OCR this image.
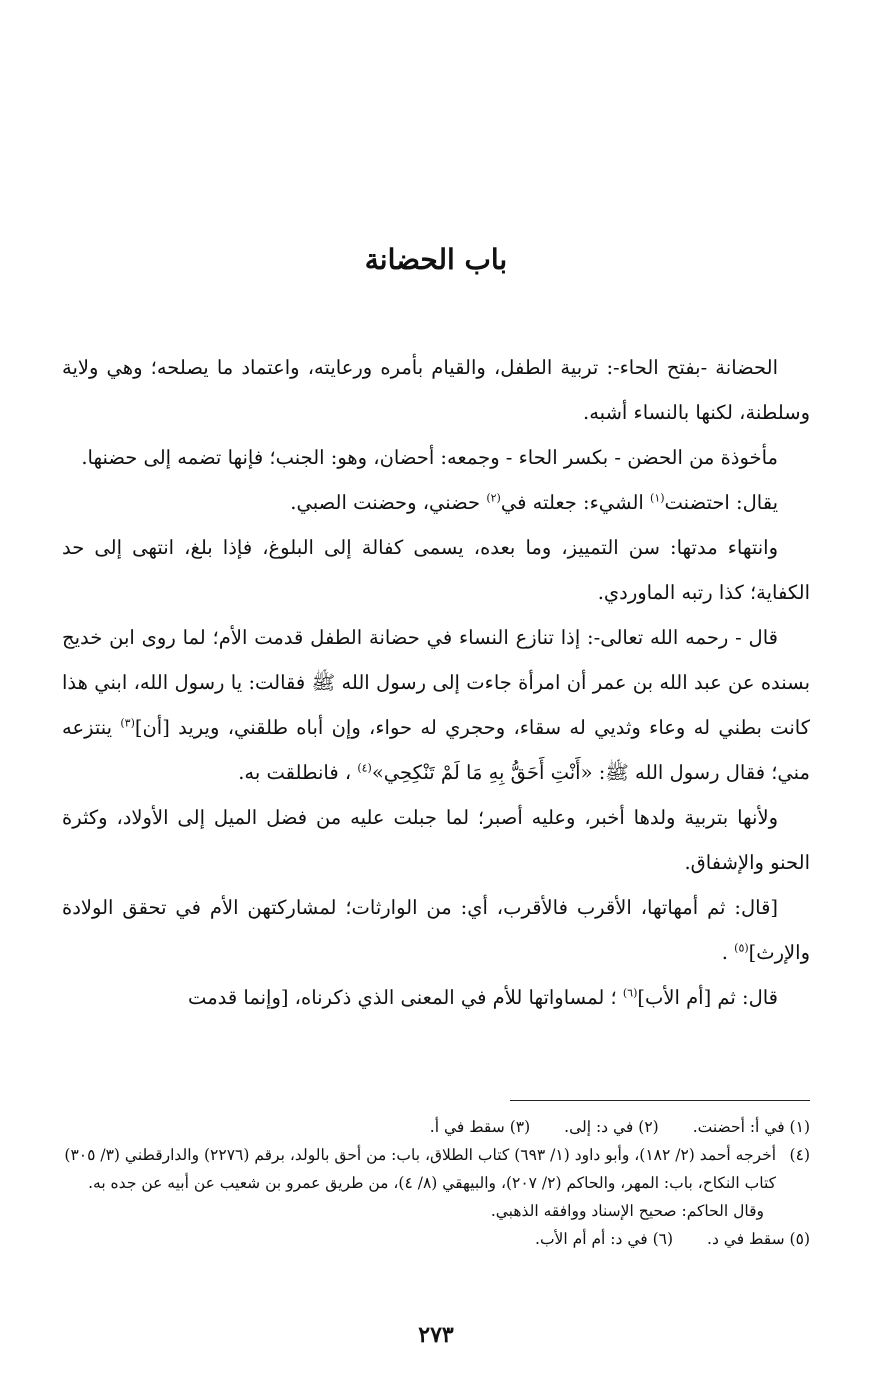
باب الحضانة

الحضانة -بفتح الحاء-: تربية الطفل، والقيام بأمره ورعايته، واعتماد ما يصلحه؛ وهي ولاية وسلطنة، لكنها بالنساء أشبه.

مأخوذة من الحضن - بكسر الحاء - وجمعه: أحضان، وهو: الجنب؛ فإنها تضمه إلى حضنها.

يقال: احتضنت$^{(١)}$ الشيء: جعلته في$^{(٢)}$ حضني، وحضنت الصبي.

وانتهاء مدتها: سن التمييز، وما بعده، يسمى كفالة إلى البلوغ، فإذا بلغ، انتهى إلى حد الكفاية؛ كذا رتبه الماوردي.

قال - رحمه الله تعالى-: إذا تنازع النساء في حضانة الطفل قدمت الأم؛ لما روى ابن خديج بسنده عن عبد الله بن عمر أن امرأة جاءت إلى رسول الله ﷺ فقالت: يا رسول الله، ابني هذا كانت بطني له وعاء وثديي له سقاء، وحجري له حواء، وإن أباه طلقني، ويريد [أن]$^{(٣)}$ ينتزعه مني؛ فقال رسول الله ﷺ: «أَنْتِ أَحَقُّ بِهِ مَا لَمْ تَنْكِحِي»$^{(٤)}$ ، فانطلقت به.

ولأنها بتربية ولدها أخبر، وعليه أصبر؛ لما جبلت عليه من فضل الميل إلى الأولاد، وكثرة الحنو والإشفاق.

[قال: ثم أمهاتها، الأقرب فالأقرب، أي: من الوارثات؛ لمشاركتهن الأم في تحقق الولادة والإرث]$^{(٥)}$ .

قال: ثم [أم الأب]$^{(٦)}$ ؛ لمساواتها للأم في المعنى الذي ذكرناه، [وإنما قدمت

(١) في أ: أحضنت.
(٢) في د: إلى.
(٣) سقط في أ.
(٤)
أخرجه أحمد (٢/ ١٨٢)، وأبو داود (١/ ٦٩٣) كتاب الطلاق، باب: من أحق بالولد، برقم (٢٢٧٦) والدارقطني (٣/ ٣٠٥) كتاب النكاح، باب: المهر، والحاكم (٢/ ٢٠٧)، والبيهقي (٨/ ٤)، من طريق عمرو بن شعيب عن أبيه عن جده به.
وقال الحاكم: صحيح الإسناد ووافقه الذهبي.
(٥) سقط في د.
(٦) في د: أم أم الأب.
٢٧٣
